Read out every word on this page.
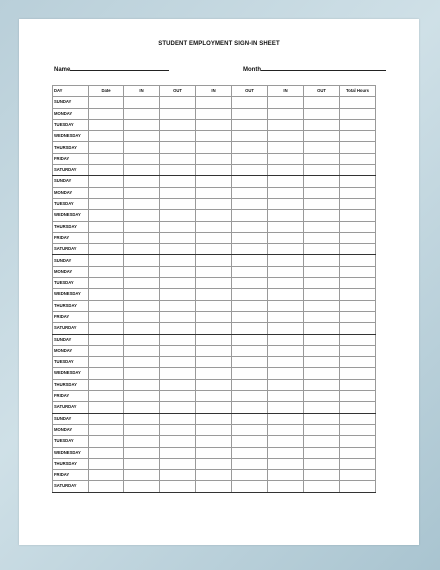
STUDENT EMPLOYMENT SIGN-IN SHEET
Name	Month
DAY	Date	IN	OUT	IN	OUT	IN	OUT	Total Hours
SUNDAY								
MONDAY								
TUESDAY								
WEDNESDAY								
THURSDAY								
FRIDAY								
SATURDAY								
SUNDAY								
MONDAY								
TUESDAY								
WEDNESDAY								
THURSDAY								
FRIDAY								
SATURDAY								
SUNDAY								
MONDAY								
TUESDAY								
WEDNESDAY								
THURSDAY								
FRIDAY								
SATURDAY								
SUNDAY								
MONDAY								
TUESDAY								
WEDNESDAY								
THURSDAY								
FRIDAY								
SATURDAY								
SUNDAY								
MONDAY								
TUESDAY								
WEDNESDAY								
THURSDAY								
FRIDAY								
SATURDAY								
